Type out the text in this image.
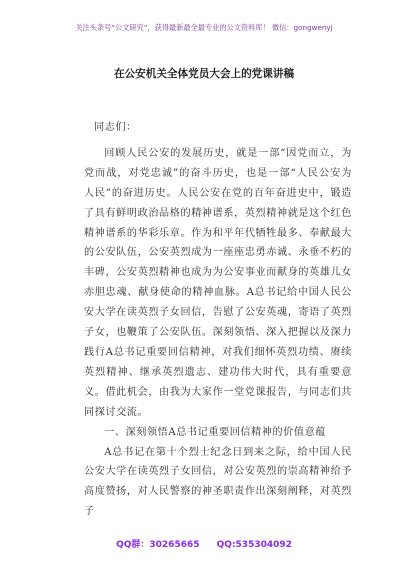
关注头条号“公文研究”，获得最新最全最专业的公文资料库！ 微信：gongwenyj
在公安机关全体党员大会上的党课讲稿

同志们：

回顾人民公安的发展历史，就是一部“因党而立，为党而战，对党忠诚”的奋斗历史，也是一部“人民公安为人民”的奋进历史。人民公安在党的百年奋进史中，锻造了具有鲜明政治品格的精神谱系，英烈精神就是这个红色精神谱系的华彩乐章。作为和平年代牺牲最多、奉献最大的公安队伍，公安英烈成为一座座忠勇赤诚、永垂不朽的丰碑，公安英烈精神也成为为公安事业而献身的英雄儿女赤胆忠魂、献身使命的精神血脉。A总书记给中国人民公安大学在读英烈子女回信，告慰了公安英魂，寄语了英烈子女，也鞭策了公安队伍。深刻领悟、深入把握以及深力践行A总书记重要回信精神，对我们细怀英烈功绩、赓续英烈精神、继承英烈遗志、建功伟大时代，具有重要意义。借此机会，由我为大家作一堂党课报告，与同志们共同探讨交流。

一、深刻领悟A总书记重要回信精神的价值意蕴

A总书记在第十个烈士纪念日到来之际，给中国人民公安大学在读英烈子女回信，对公安英烈的崇高精神给予高度赞扬，对人民警察的神圣职责作出深刻阐释，对英烈子

QQ群：30265665 QQ:535304092
